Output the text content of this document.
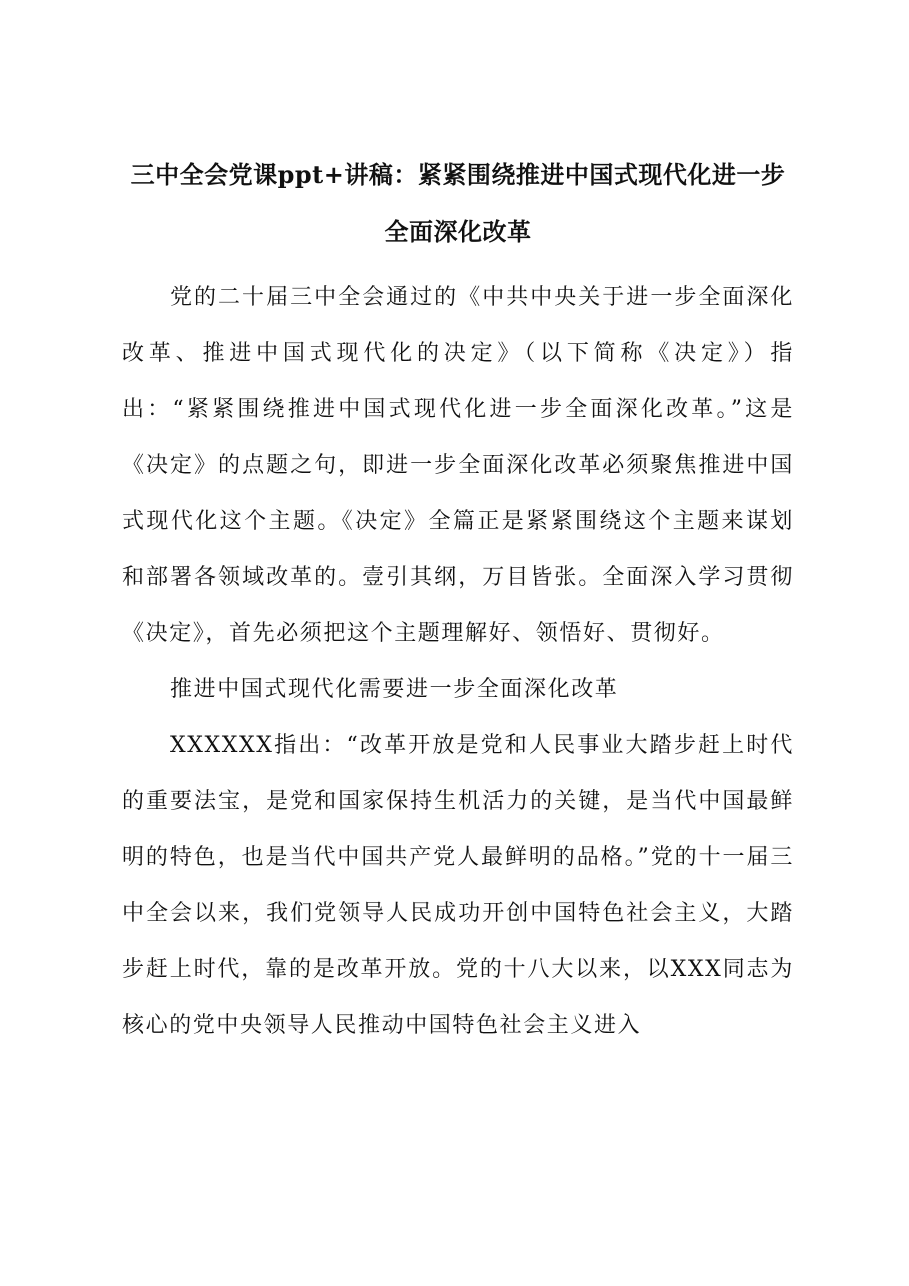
三中全会党课ppt+讲稿：紧紧围绕推进中国式现代化进一步全面深化改革

党的二十届三中全会通过的《中共中央关于进一步全面深化改革、推进中国式现代化的决定》（以下简称《决定》）指出：“紧紧围绕推进中国式现代化进一步全面深化改革。”这是《决定》的点题之句，即进一步全面深化改革必须聚焦推进中国式现代化这个主题。《决定》全篇正是紧紧围绕这个主题来谋划和部署各领域改革的。壹引其纲，万目皆张。全面深入学习贯彻《决定》，首先必须把这个主题理解好、领悟好、贯彻好。

推进中国式现代化需要进一步全面深化改革

XXXXXX指出：“改革开放是党和人民事业大踏步赶上时代的重要法宝，是党和国家保持生机活力的关键，是当代中国最鲜明的特色，也是当代中国共产党人最鲜明的品格。”党的十一届三中全会以来，我们党领导人民成功开创中国特色社会主义，大踏步赶上时代，靠的是改革开放。党的十八大以来，以XXX同志为核心的党中央领导人民推动中国特色社会主义进入
